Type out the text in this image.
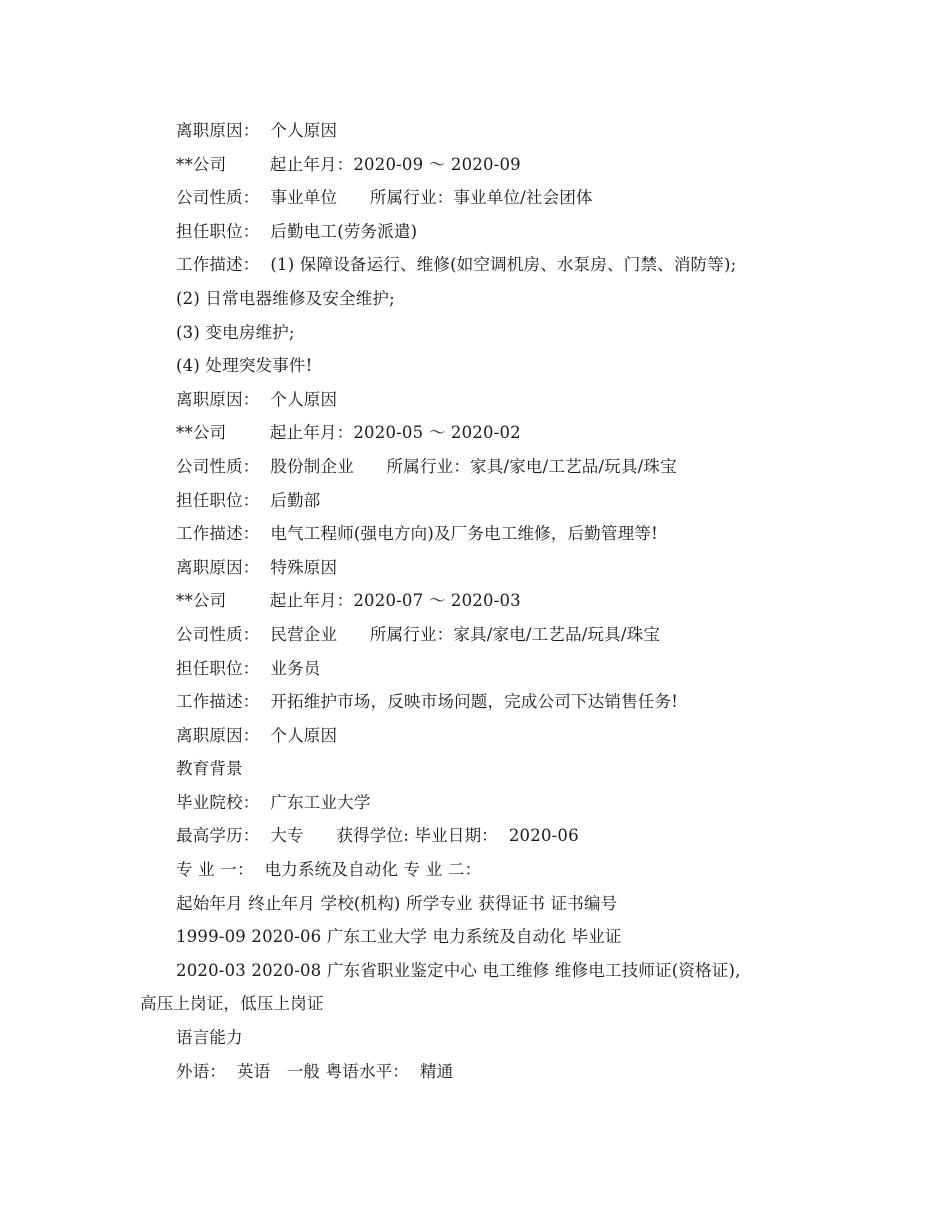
离职原因：  个人原因

**公司        起止年月：2020-09 ～ 2020-09

公司性质：  事业单位      所属行业：事业单位/社会团体

担任职位：  后勤电工(劳务派遣)

工作描述：  (1) 保障设备运行、维修(如空调机房、水泵房、门禁、消防等);

(2) 日常电器维修及安全维护;

(3) 变电房维护;

(4) 处理突发事件!

离职原因：  个人原因

**公司        起止年月：2020-05 ～ 2020-02

公司性质：  股份制企业      所属行业：家具/家电/工艺品/玩具/珠宝

担任职位：  后勤部

工作描述：  电气工程师(强电方向)及厂务电工维修，后勤管理等!

离职原因：  特殊原因

**公司        起止年月：2020-07 ～ 2020-03

公司性质：  民营企业      所属行业：家具/家电/工艺品/玩具/珠宝

担任职位：  业务员

工作描述：  开拓维护市场，反映市场问题，完成公司下达销售任务!

离职原因：  个人原因

教育背景

毕业院校：  广东工业大学

最高学历：  大专      获得学位: 毕业日期：  2020-06

专 业 一：  电力系统及自动化 专 业 二：

起始年月 终止年月 学校(机构) 所学专业 获得证书 证书编号

1999-09 2020-06 广东工业大学 电力系统及自动化 毕业证

2020-03 2020-08 广东省职业鉴定中心 电工维修 维修电工技师证(资格证),

高压上岗证，低压上岗证

语言能力

外语：  英语   一般 粤语水平：  精通
